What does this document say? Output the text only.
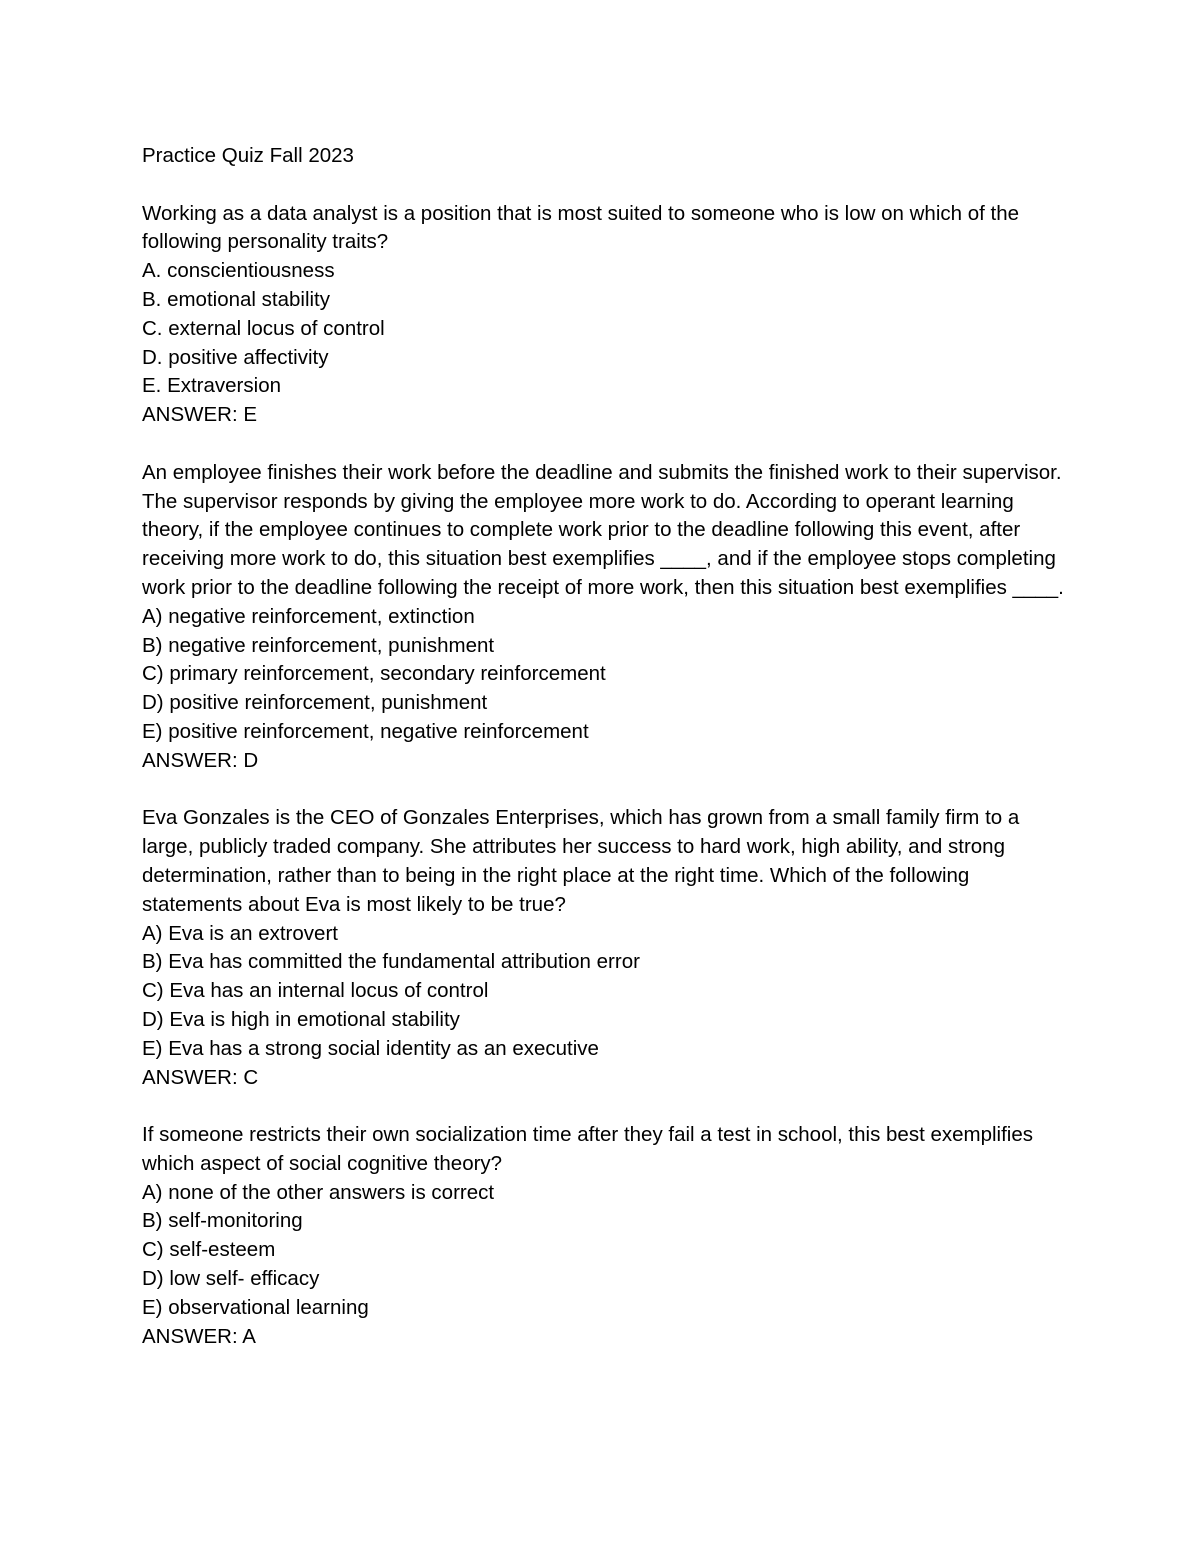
Practice Quiz Fall 2023

Working as a data analyst is a position that is most suited to someone who is low on which of the following personality traits?

A. conscientiousness
B. emotional stability
C. external locus of control
D. positive affectivity
E. Extraversion

ANSWER: E

An employee finishes their work before the deadline and submits the finished work to their supervisor. The supervisor responds by giving the employee more work to do. According to operant learning theory, if the employee continues to complete work prior to the deadline following this event, after receiving more work to do, this situation best exemplifies ____, and if the employee stops completing work prior to the deadline following the receipt of more work, then this situation best exemplifies ____.

A) negative reinforcement, extinction
B) negative reinforcement, punishment
C) primary reinforcement, secondary reinforcement
D) positive reinforcement, punishment
E) positive reinforcement, negative reinforcement

ANSWER: D

Eva Gonzales is the CEO of Gonzales Enterprises, which has grown from a small family firm to a large, publicly traded company. She attributes her success to hard work, high ability, and strong determination, rather than to being in the right place at the right time. Which of the following statements about Eva is most likely to be true?

A) Eva is an extrovert
B) Eva has committed the fundamental attribution error
C) Eva has an internal locus of control
D) Eva is high in emotional stability
E) Eva has a strong social identity as an executive

ANSWER: C

If someone restricts their own socialization time after they fail a test in school, this best exemplifies which aspect of social cognitive theory?

A) none of the other answers is correct
B) self-monitoring
C) self-esteem
D) low self- efficacy
E) observational learning

ANSWER: A
